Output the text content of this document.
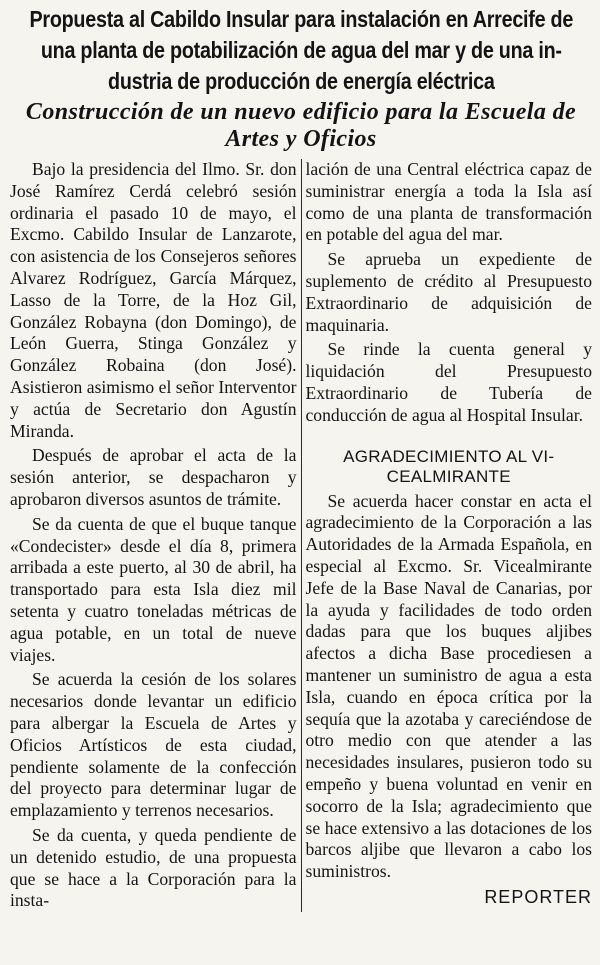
Propuesta al Cabildo Insular para instalación en Arrecife de
una planta de potabilización de agua del mar y de una in-
dustria de producción de energía eléctrica
Construcción de un nuevo edificio para la Escuela de
Artes y Oficios

Bajo la presidencia del Ilmo. Sr. don José Ramírez Cerdá celebró sesión ordinaria el pasado 10 de mayo, el Excmo. Cabildo Insular de Lanzarote, con asistencia de los Consejeros señores Alvarez Rodríguez, García Márquez, Lasso de la Torre, de la Hoz Gil, González Robayna (don Domingo), de León Guerra, Stinga González y González Robaina (don José). Asistieron asimismo el señor Interventor y actúa de Secretario don Agustín Miranda.

Después de aprobar el acta de la sesión anterior, se despacharon y aprobaron diversos asuntos de trámite.

Se da cuenta de que el buque tanque «Condecister» desde el día 8, primera arribada a este puerto, al 30 de abril, ha transportado para esta Isla diez mil setenta y cuatro toneladas métricas de agua potable, en un total de nueve viajes.

Se acuerda la cesión de los solares necesarios donde levantar un edificio para albergar la Escuela de Artes y Oficios Artísticos de esta ciudad, pendiente solamente de la confección del proyecto para determinar lugar de emplazamiento y terrenos necesarios.

Se da cuenta, y queda pendiente de un detenido estudio, de una propuesta que se hace a la Corporación para la insta-

lación de una Central eléctrica capaz de suministrar energía a toda la Isla así como de una planta de transformación en potable del agua del mar.

Se aprueba un expediente de suplemento de crédito al Presupuesto Extraordinario de adquisición de maquinaria.

Se rinde la cuenta general y liquidación del Presupuesto Extraordinario de Tubería de conducción de agua al Hospital Insular.

AGRADECIMIENTO AL VI-
CEALMIRANTE

Se acuerda hacer constar en acta el agradecimiento de la Corporación a las Autoridades de la Armada Española, en especial al Excmo. Sr. Vicealmirante Jefe de la Base Naval de Canarias, por la ayuda y facilidades de todo orden dadas para que los buques aljibes afectos a dicha Base procediesen a mantener un suministro de agua a esta Isla, cuando en época crítica por la sequía que la azotaba y careciéndose de otro medio con que atender a las necesidades insulares, pusieron todo su empeño y buena voluntad en venir en socorro de la Isla; agradecimiento que se hace extensivo a las dotaciones de los barcos aljibe que llevaron a cabo los suministros.

REPORTER
